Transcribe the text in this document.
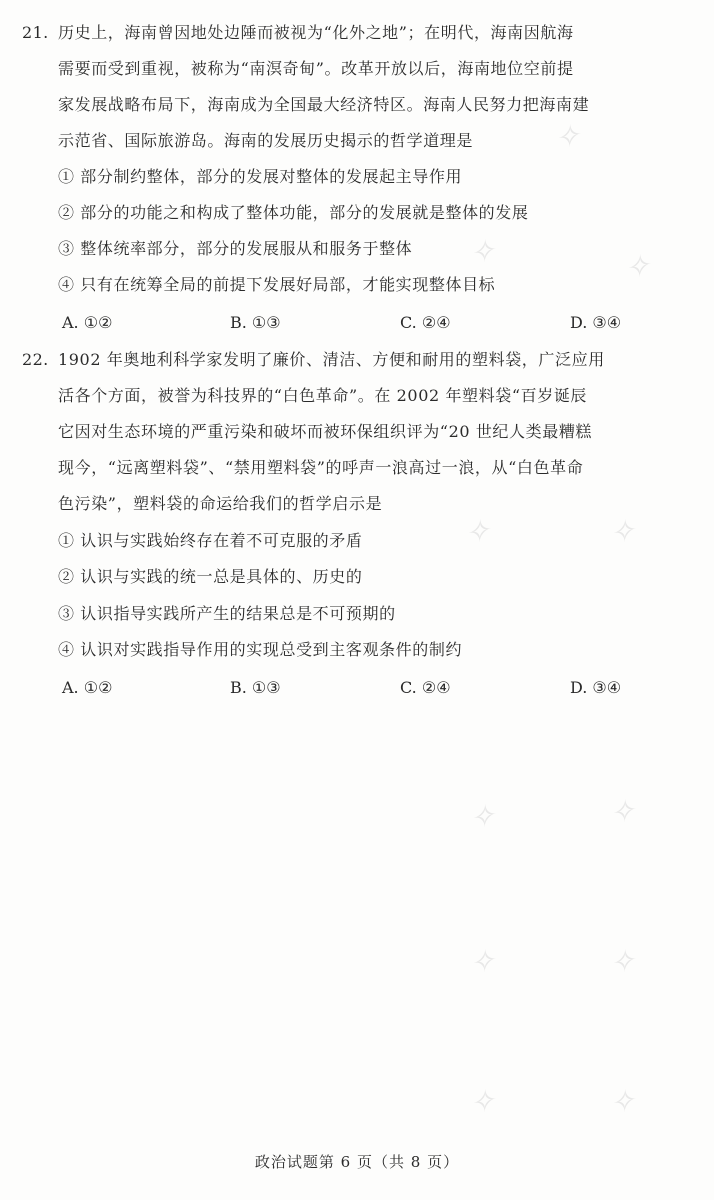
✧
✧	✧
✧	✧
✧	✧
✧	✧
✧	✧
21. 历史上，海南曾因地处边陲而被视为“化外之地”；在明代，海南因航海
需要而受到重视，被称为“南溟奇甸”。改革开放以后，海南地位空前提
家发展战略布局下，海南成为全国最大经济特区。海南人民努力把海南建
示范省、国际旅游岛。海南的发展历史揭示的哲学道理是
① 部分制约整体，部分的发展对整体的发展起主导作用
② 部分的功能之和构成了整体功能，部分的发展就是整体的发展
③ 整体统率部分，部分的发展服从和服务于整体
④ 只有在统筹全局的前提下发展好局部，才能实现整体目标
A. ①②	B. ①③	C. ②④	D. ③④
22. 1902 年奥地利科学家发明了廉价、清洁、方便和耐用的塑料袋，广泛应用
活各个方面，被誉为科技界的“白色革命”。在 2002 年塑料袋“百岁诞辰
它因对生态环境的严重污染和破坏而被环保组织评为“20 世纪人类最糟糕
现今，“远离塑料袋”、“禁用塑料袋”的呼声一浪高过一浪，从“白色革命
色污染”，塑料袋的命运给我们的哲学启示是
① 认识与实践始终存在着不可克服的矛盾
② 认识与实践的统一总是具体的、历史的
③ 认识指导实践所产生的结果总是不可预期的
④ 认识对实践指导作用的实现总受到主客观条件的制约
A. ①②	B. ①③	C. ②④	D. ③④
政治试题第 6 页（共 8 页）
